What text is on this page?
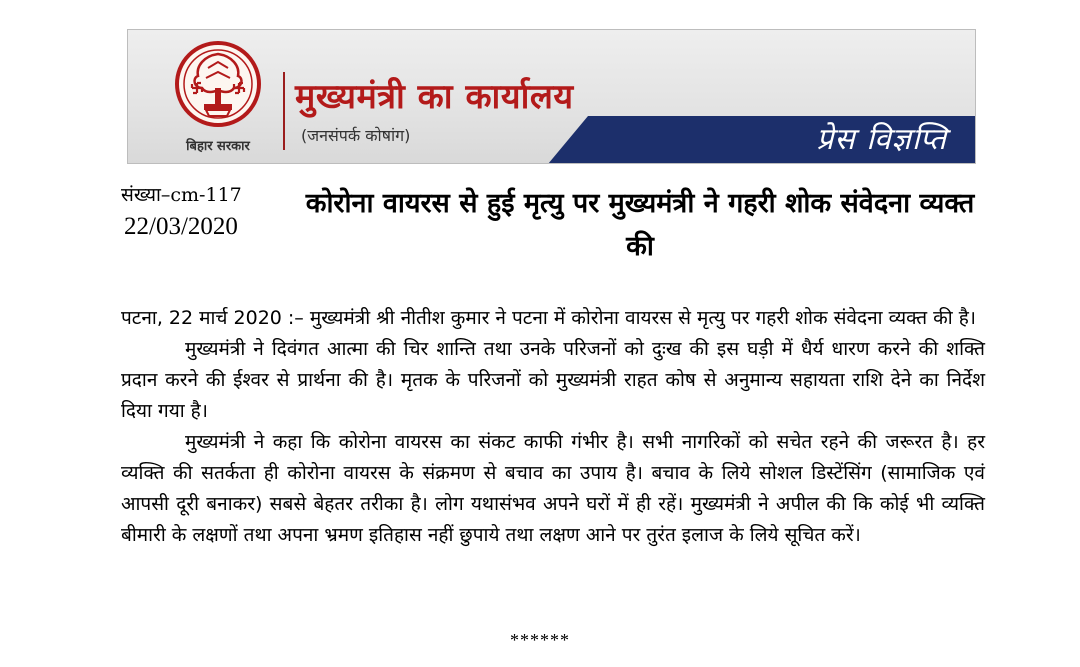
बिहार सरकार
मुख्यमंत्री का कार्यालय
(जनसंपर्क कोषांग)	प्रेस विज्ञप्ति
संख्या–cm-117
22/03/2020
कोरोना वायरस से हुई मृत्यु पर मुख्यमंत्री ने गहरी शोक संवेदना व्यक्त की

पटना, 22 मार्च 2020 :– मुख्यमंत्री श्री नीतीश कुमार ने पटना में कोरोना वायरस से मृत्यु पर गहरी शोक संवेदना व्यक्त की है।

मुख्यमंत्री ने दिवंगत आत्मा की चिर शान्ति तथा उनके परिजनों को दुःख की इस घड़ी में धैर्य धारण करने की शक्ति प्रदान करने की ईश्वर से प्रार्थना की है। मृतक के परिजनों को मुख्यमंत्री राहत कोष से अनुमान्य सहायता राशि देने का निर्देश दिया गया है।

मुख्यमंत्री ने कहा कि कोरोना वायरस का संकट काफी गंभीर है। सभी नागरिकों को सचेत रहने की जरूरत है। हर व्यक्ति की सतर्कता ही कोरोना वायरस के संक्रमण से बचाव का उपाय है। बचाव के लिये सोशल डिस्टेंसिंग (सामाजिक एवं आपसी दूरी बनाकर) सबसे बेहतर तरीका है। लोग यथासंभव अपने घरों में ही रहें। मुख्यमंत्री ने अपील की कि कोई भी व्यक्ति बीमारी के लक्षणों तथा अपना भ्रमण इतिहास नहीं छुपाये तथा लक्षण आने पर तुरंत इलाज के लिये सूचित करें।

******
